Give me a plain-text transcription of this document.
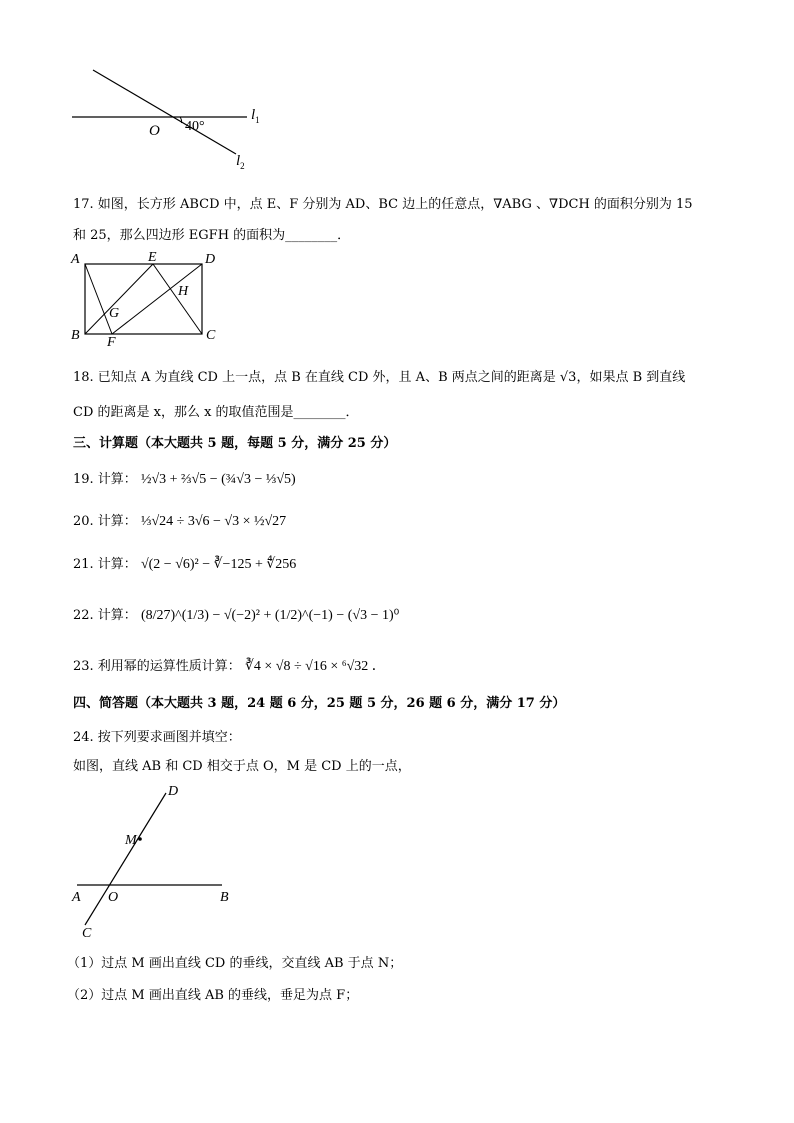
O 40°
$l_1$
$l_2$
17. 如图，长方形 ABCD 中，点 E、F 分别为 AD、BC 边上的任意点，∇ABG 、∇DCH 的面积分别为 15
和 25，那么四边形 EGFH 的面积为________．
A	E	D
H
G
B F	C
18. 已知点 A 为直线 CD 上一点，点 B 在直线 CD 外，且 A、B 两点之间的距离是 √3，如果点 B 到直线
CD 的距离是 x，那么 x 的取值范围是________．
三、计算题（本大题共 5 题，每题 5 分，满分 25 分）
19. 计算： ½√3 + ⅔√5 − (¾√3 − ⅓√5)
20. 计算： ⅓√24 ÷ 3√6 − √3 × ½√27
21. 计算： √(2 − √6)² − ∛−125 + ∜256
22. 计算： (8/27)^(1/3) − √(−2)² + (1/2)^(−1) − (√3 − 1)⁰
23. 利用幂的运算性质计算： ∛4 × √8 ÷ √16 × ⁶√32 ．
四、简答题（本大题共 3 题，24 题 6 分，25 题 5 分，26 题 6 分，满分 17 分）
24. 按下列要求画图并填空：
如图，直线 AB 和 CD 相交于点 O，M 是 CD 上的一点，
D
M
A O	B
C
（1）过点 M 画出直线 CD 的垂线，交直线 AB 于点 N；
（2）过点 M 画出直线 AB 的垂线，垂足为点 F；
